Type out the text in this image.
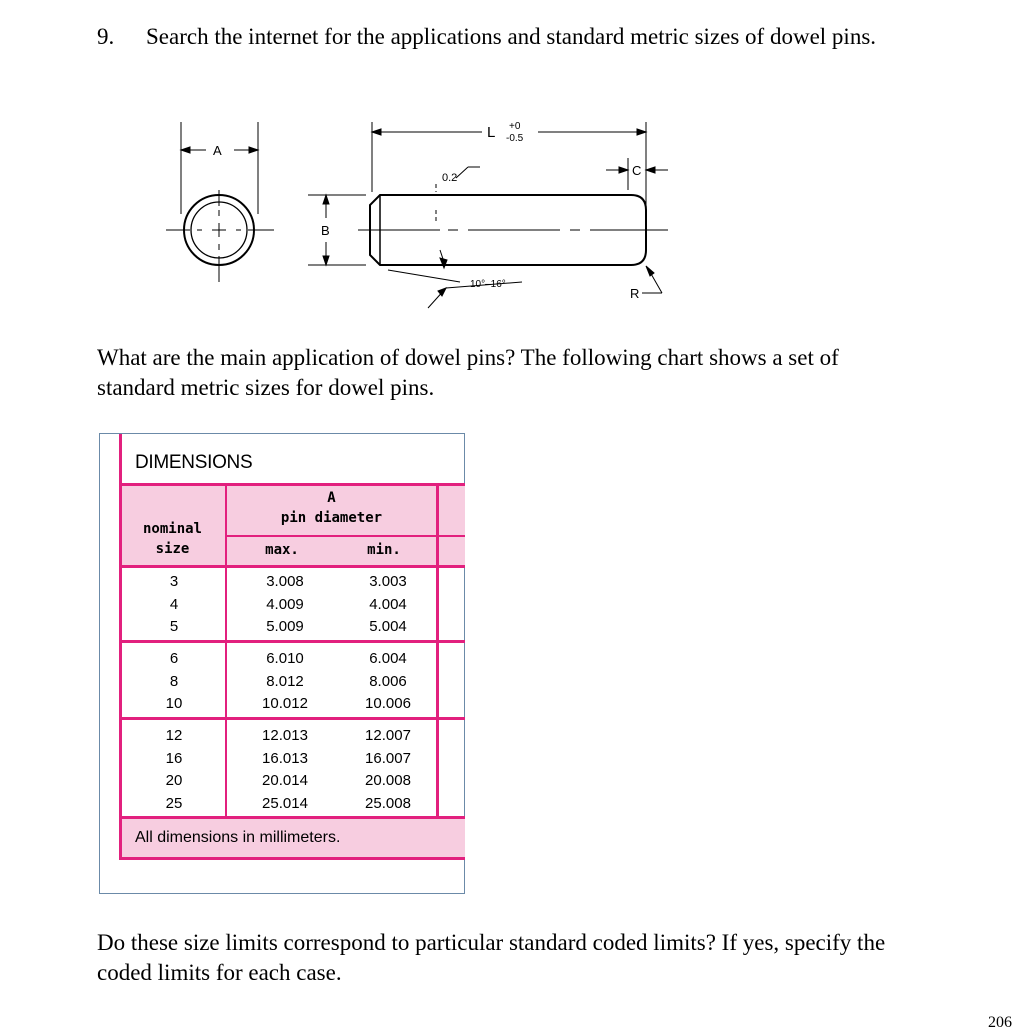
9. Search the internet for the applications and standard metric sizes of dowel pins.
A
B
L +0
-0.5
C
0.2
10°–16°
R
What are the main application of dowel pins? The following chart shows a set of
standard metric sizes for dowel pins.
DIMENSIONS
nominal
size
A
pin diameter
max.	min.
3
4
5
3.008
4.009
5.009
3.003
4.004
5.004
6
8
10
6.010
8.012
10.012
6.004
8.006
10.006
12
16
20
25
12.013
16.013
20.014
25.014
12.007
16.007
20.008
25.008
All dimensions in millimeters.
Do these size limits correspond to particular standard coded limits? If yes, specify the
coded limits for each case.
206
